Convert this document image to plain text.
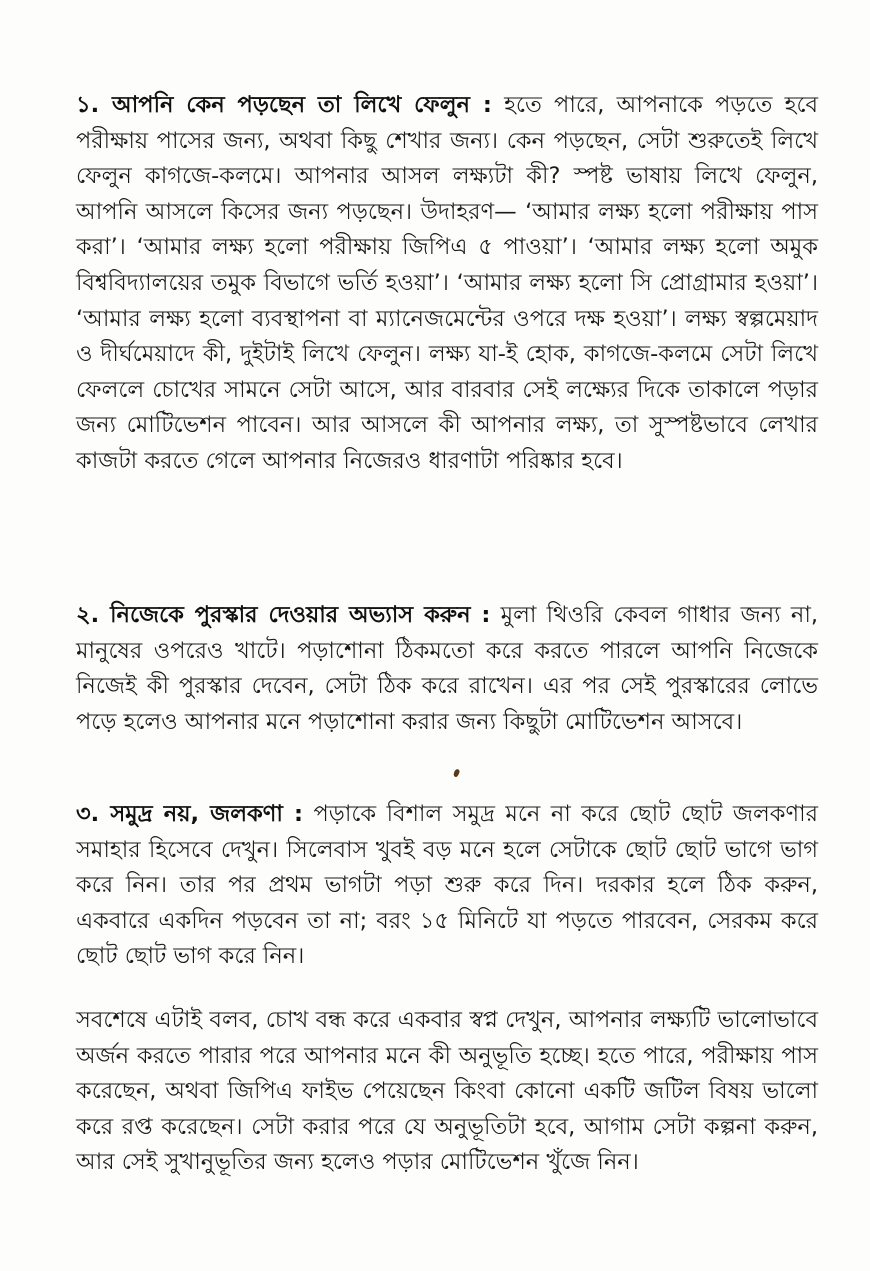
১. আপনি কেন পড়ছেন তা লিখে ফেলুন : হতে পারে, আপনাকে পড়তে হবে পরীক্ষায় পাসের জন্য, অথবা কিছু শেখার জন্য। কেন পড়ছেন, সেটা শুরুতেই লিখে ফেলুন কাগজে-কলমে। আপনার আসল লক্ষ্যটা কী? স্পষ্ট ভাষায় লিখে ফেলুন, আপনি আসলে কিসের জন্য পড়ছেন। উদাহরণ— ‘আমার লক্ষ্য হলো পরীক্ষায় পাস করা’। ‘আমার লক্ষ্য হলো পরীক্ষায় জিপিএ ৫ পাওয়া’। ‘আমার লক্ষ্য হলো অমুক বিশ্ববিদ্যালয়ের তমুক বিভাগে ভর্তি হওয়া’। ‘আমার লক্ষ্য হলো সি প্রোগ্রামার হওয়া’। ‘আমার লক্ষ্য হলো ব্যবস্থাপনা বা ম্যানেজমেন্টের ওপরে দক্ষ হওয়া’। লক্ষ্য স্বল্পমেয়াদ ও দীর্ঘমেয়াদে কী, দুইটাই লিখে ফেলুন। লক্ষ্য যা-ই হোক, কাগজে-কলমে সেটা লিখে ফেললে চোখের সামনে সেটা আসে, আর বারবার সেই লক্ষ্যের দিকে তাকালে পড়ার জন্য মোটিভেশন পাবেন। আর আসলে কী আপনার লক্ষ্য, তা সুস্পষ্টভাবে লেখার কাজটা করতে গেলে আপনার নিজেরও ধারণাটা পরিষ্কার হবে।

২. নিজেকে পুরস্কার দেওয়ার অভ্যাস করুন : মুলা থিওরি কেবল গাধার জন্য না, মানুষের ওপরেও খাটে। পড়াশোনা ঠিকমতো করে করতে পারলে আপনি নিজেকে নিজেই কী পুরস্কার দেবেন, সেটা ঠিক করে রাখেন। এর পর সেই পুরস্কারের লোভে পড়ে হলেও আপনার মনে পড়াশোনা করার জন্য কিছুটা মোটিভেশন আসবে।

৩. সমুদ্র নয়, জলকণা : পড়াকে বিশাল সমুদ্র মনে না করে ছোট ছোট জলকণার সমাহার হিসেবে দেখুন। সিলেবাস খুবই বড় মনে হলে সেটাকে ছোট ছোট ভাগে ভাগ করে নিন। তার পর প্রথম ভাগটা পড়া শুরু করে দিন। দরকার হলে ঠিক করুন, একবারে একদিন পড়বেন তা না; বরং ১৫ মিনিটে যা পড়তে পারবেন, সেরকম করে ছোট ছোট ভাগ করে নিন।

সবশেষে এটাই বলব, চোখ বন্ধ করে একবার স্বপ্ন দেখুন, আপনার লক্ষ্যটি ভালোভাবে অর্জন করতে পারার পরে আপনার মনে কী অনুভূতি হচ্ছে। হতে পারে, পরীক্ষায় পাস করেছেন, অথবা জিপিএ ফাইভ পেয়েছেন কিংবা কোনো একটি জটিল বিষয় ভালো করে রপ্ত করেছেন। সেটা করার পরে যে অনুভূতিটা হবে, আগাম সেটা কল্পনা করুন, আর সেই সুখানুভূতির জন্য হলেও পড়ার মোটিভেশন খুঁজে নিন।
